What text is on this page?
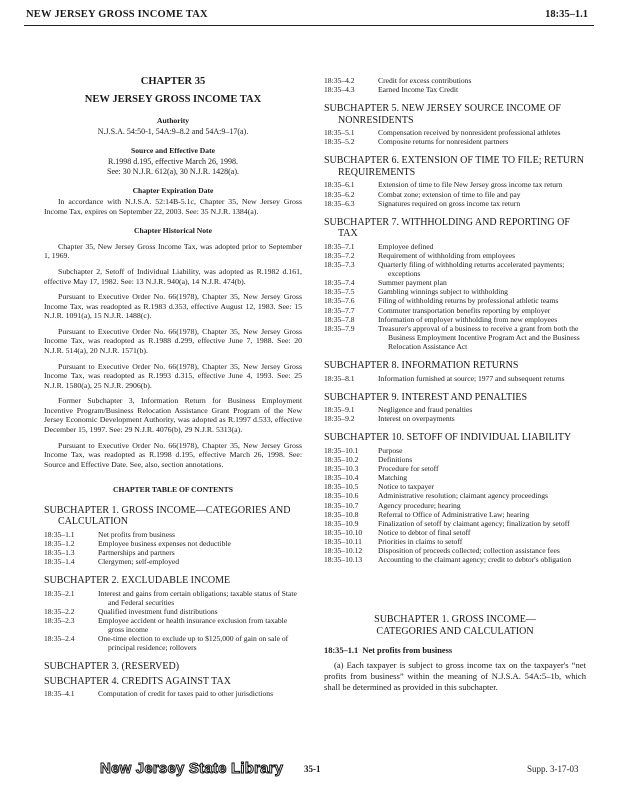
NEW JERSEY GROSS INCOME TAX	18:35–1.1
CHAPTER 35
NEW JERSEY GROSS INCOME TAX
Authority
N.J.S.A. 54:50-1, 54A:9–8.2 and 54A:9–17(a).
Source and Effective Date
R.1998 d.195, effective March 26, 1998.
See: 30 N.J.R. 612(a), 30 N.J.R. 1428(a).
Chapter Expiration Date
In accordance with N.J.S.A. 52:14B-5.1c, Chapter 35, New Jersey Gross Income Tax, expires on September 22, 2003. See: 35 N.J.R. 1384(a).
Chapter Historical Note
Chapter 35, New Jersey Gross Income Tax, was adopted prior to September 1, 1969.
Subchapter 2, Setoff of Individual Liability, was adopted as R.1982 d.161, effective May 17, 1982. See: 13 N.J.R. 940(a), 14 N.J.R. 474(b).
Pursuant to Executive Order No. 66(1978), Chapter 35, New Jersey Gross Income Tax, was readopted as R.1983 d.353, effective August 12, 1983. See: 15 N.J.R. 1091(a), 15 N.J.R. 1488(c).
Pursuant to Executive Order No. 66(1978), Chapter 35, New Jersey Gross Income Tax, was readopted as R.1988 d.299, effective June 7, 1988. See: 20 N.J.R. 514(a), 20 N.J.R. 1571(b).
Pursuant to Executive Order No. 66(1978), Chapter 35, New Jersey Gross Income Tax, was readopted as R.1993 d.315, effective June 4, 1993. See: 25 N.J.R. 1580(a), 25 N.J.R. 2906(b).
Former Subchapter 3, Information Return for Business Employment Incentive Program/Business Relocation Assistance Grant Program of the New Jersey Economic Development Authority, was adopted as R.1997 d.533, effective December 15, 1997. See: 29 N.J.R. 4076(b), 29 N.J.R. 5313(a).
Pursuant to Executive Order No. 66(1978), Chapter 35, New Jersey Gross Income Tax, was readopted as R.1998 d.195, effective March 26, 1998. See: Source and Effective Date. See, also, section annotations.
CHAPTER TABLE OF CONTENTS
SUBCHAPTER 1. GROSS INCOME—CATEGORIES AND CALCULATION
18:35–1.1	Net profits from business
18:35–1.2	Employee business expenses not deductible
18:35–1.3	Partnerships and partners
18:35–1.4	Clergymen; self-employed
SUBCHAPTER 2. EXCLUDABLE INCOME
18:35–2.1	Interest and gains from certain obligations; taxable status of State and Federal securities
18:35–2.2	Qualified investment fund distributions
18:35–2.3	Employee accident or health insurance exclusion from taxable gross income
18:35–2.4	One-time election to exclude up to $125,000 of gain on sale of principal residence; rollovers
SUBCHAPTER 3. (RESERVED)
SUBCHAPTER 4. CREDITS AGAINST TAX
18:35–4.1	Computation of credit for taxes paid to other jurisdictions
18:35–4.2	Credit for excess contributions
18:35–4.3	Earned Income Tax Credit
SUBCHAPTER 5. NEW JERSEY SOURCE INCOME OF NONRESIDENTS
18:35–5.1	Compensation received by nonresident professional athletes
18:35–5.2	Composite returns for nonresident partners
SUBCHAPTER 6. EXTENSION OF TIME TO FILE; RETURN REQUIREMENTS
18:35–6.1	Extension of time to file New Jersey gross income tax return
18:35–6.2	Combat zone; extension of time to file and pay
18:35–6.3	Signatures required on gross income tax return
SUBCHAPTER 7. WITHHOLDING AND REPORTING OF TAX
18:35–7.1	Employee defined
18:35–7.2	Requirement of withholding from employees
18:35–7.3	Quarterly filing of withholding returns accelerated payments; exceptions
18:35–7.4	Summer payment plan
18:35–7.5	Gambling winnings subject to withholding
18:35–7.6	Filing of withholding returns by professional athletic teams
18:35–7.7	Commuter transportation benefits reporting by employer
18:35–7.8	Information of employer withholding from new employees
18:35–7.9	Treasurer's approval of a business to receive a grant from both the Business Employment Incentive Program Act and the Business Relocation Assistance Act
SUBCHAPTER 8. INFORMATION RETURNS
18:35–8.1	Information furnished at source; 1977 and subsequent returns
SUBCHAPTER 9. INTEREST AND PENALTIES
18:35–9.1	Negligence and fraud penalties
18:35–9.2	Interest on overpayments
SUBCHAPTER 10. SETOFF OF INDIVIDUAL LIABILITY
18:35–10.1	Purpose
18:35–10.2	Definitions
18:35–10.3	Procedure for setoff
18:35–10.4	Matching
18:35–10.5	Notice to taxpayer
18:35–10.6	Administrative resolution; claimant agency proceedings
18:35–10.7	Agency procedure; hearing
18:35–10.8	Referral to Office of Administrative Law; hearing
18:35–10.9	Finalization of setoff by claimant agency; finalization by setoff
18:35–10.10	Notice to debtor of final setoff
18:35–10.11	Priorities in claims to setoff
18:35–10.12	Disposition of proceeds collected; collection assistance fees
18:35–10.13	Accounting to the claimant agency; credit to debtor's obligation
SUBCHAPTER 1. GROSS INCOME—
CATEGORIES AND CALCULATION
18:35–1.1 Net profits from business
(a) Each taxpayer is subject to gross income tax on the taxpayer's “net profits from business” within the meaning of N.J.S.A. 54A:5–1b, which shall be determined as provided in this subchapter.
New Jersey State Library 35-1	Supp. 3-17-03
